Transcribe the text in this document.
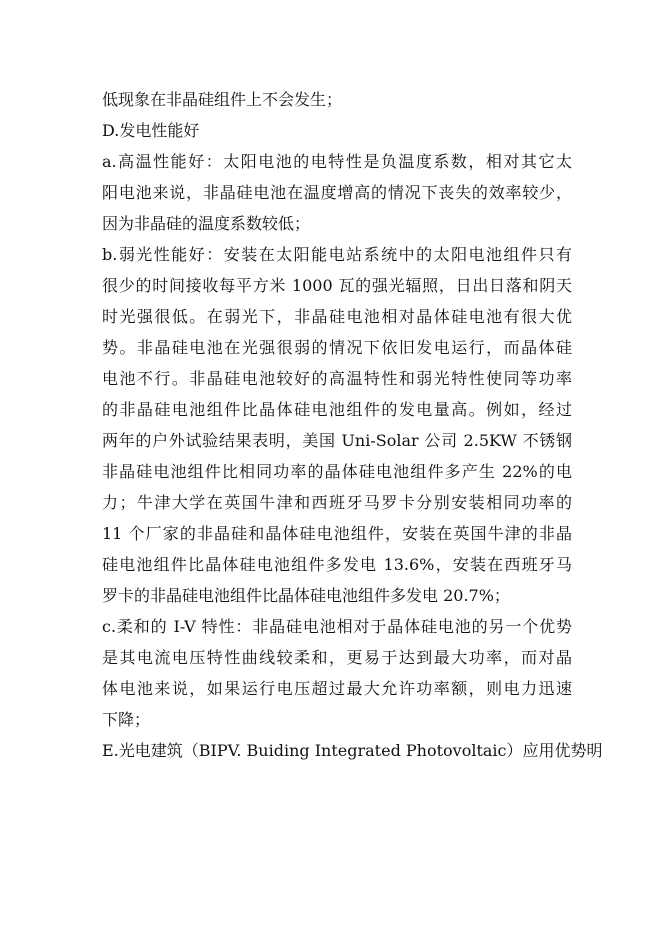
低现象在非晶硅组件上不会发生；
D.发电性能好
a.高温性能好：太阳电池的电特性是负温度系数，相对其它太
阳电池来说，非晶硅电池在温度增高的情况下丧失的效率较少，
因为非晶硅的温度系数较低；
b.弱光性能好：安装在太阳能电站系统中的太阳电池组件只有
很少的时间接收每平方米 1000 瓦的强光辐照，日出日落和阴天
时光强很低。在弱光下，非晶硅电池相对晶体硅电池有很大优
势。非晶硅电池在光强很弱的情况下依旧发电运行，而晶体硅
电池不行。非晶硅电池较好的高温特性和弱光特性使同等功率
的非晶硅电池组件比晶体硅电池组件的发电量高。例如，经过
两年的户外试验结果表明，美国 Uni-Solar 公司 2.5KW 不锈钢
非晶硅电池组件比相同功率的晶体硅电池组件多产生 22%的电
力；牛津大学在英国牛津和西班牙马罗卡分别安装相同功率的
11 个厂家的非晶硅和晶体硅电池组件，安装在英国牛津的非晶
硅电池组件比晶体硅电池组件多发电 13.6%，安装在西班牙马
罗卡的非晶硅电池组件比晶体硅电池组件多发电 20.7%；
c.柔和的 I-V 特性：非晶硅电池相对于晶体硅电池的另一个优势
是其电流电压特性曲线较柔和，更易于达到最大功率，而对晶
体电池来说，如果运行电压超过最大允许功率额，则电力迅速
下降；
E.光电建筑（BIPV. Buiding Integrated Photovoltaic）应用优势明
